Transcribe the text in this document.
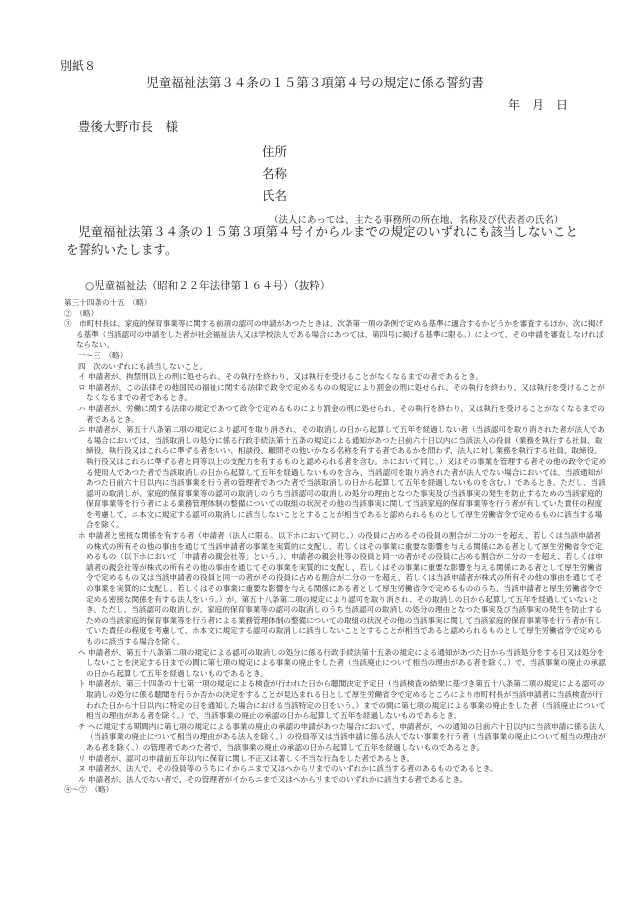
別紙８
児童福祉法第３４条の１５第３項第４号の規定に係る誓約書
年　月　日
豊後大野市長　様
住所
名称
氏名
（法人にあっては、主たる事務所の所在地、名称及び代表者の氏名）
児童福祉法第３４条の１５第３項第４号イからルまでの規定のいずれにも該当しないことを誓約いたします。
○児童福祉法（昭和２２年法律第１６４号）（抜粋）

第三十四条の十五　（略）

②　（略）

③　市町村長は、家庭的保育事業等に関する前項の認可の申請があつたときは、次条第一項の条例で定める基準に適合するかどうかを審査するほか、次に掲げる基準（当該認可の申請をした者が社会福祉法人又は学校法人である場合にあつては、第四号に掲げる基準に限る。）によつて、その申請を審査しなければならない。

一～三　（略）

四　次のいずれにも該当しないこと。

イ 申請者が、拘禁刑以上の刑に処せられ、その執行を終わり、又は執行を受けることがなくなるまでの者であるとき。

ロ 申請者が、この法律その他国民の福祉に関する法律で政令で定めるものの規定により罰金の刑に処せられ、その執行を終わり、又は執行を受けることがなくなるまでの者であるとき。

ハ 申請者が、労働に関する法律の規定であつて政令で定めるものにより罰金の刑に処せられ、その執行を終わり、又は執行を受けることがなくなるまでの者であるとき。

ニ 申請者が、第五十八条第二項の規定により認可を取り消され、その取消しの日から起算して五年を経過しない者（当該認可を取り消された者が法人である場合においては、当該取消しの処分に係る行政手続法第十五条の規定による通知があつた日前六十日以内に当該法人の役員（業務を執行する社員、取締役、執行役又はこれらに準ずる者をいい、相談役、顧問その他いかなる名称を有する者であるかを問わず、法人に対し業務を執行する社員、取締役、執行役又はこれらに準ずる者と同等以上の支配力を有するものと認められる者を含む。ホにおいて同じ。）又はその事業を管理する者その他の政令で定める使用人であつた者で当該取消しの日から起算して五年を経過しないものを含み、当該認可を取り消された者が法人でない場合においては、当該通知があつた日前六十日以内に当該事業を行う者の管理者であつた者で当該取消しの日から起算して五年を経過しないものを含む。）であるとき。ただし、当該認可の取消しが、家庭的保育事業等の認可の取消しのうち当該認可の取消しの処分の理由となつた事実及び当該事実の発生を防止するための当該家庭的保育事業等を行う者による業務管理体制の整備についての取組の状況その他の当該事実に関して当該家庭的保育事業等を行う者が有していた責任の程度を考慮して、ニ本文に規定する認可の取消しに該当しないこととすることが相当であると認められるものとして厚生労働省令で定めるものに該当する場合を除く。

ホ 申請者と密接な関係を有する者（申請者（法人に限る。以下ホにおいて同じ。）の役員に占めるその役員の割合が二分の一を超え、若しくは当該申請者の株式の所有その他の事由を通じて当該申請者の事業を実質的に支配し、若しくはその事業に重要な影響を与える関係にある者として厚生労働省令で定めるもの（以下ホにおいて「申請者の親会社等」という。）、申請者の親会社等の役員と同一の者がその役員に占める割合が二分の一を超え、若しくは申請者の親会社等が株式の所有その他の事由を通じてその事業を実質的に支配し、若しくはその事業に重要な影響を与える関係にある者として厚生労働省令で定めるもの又は当該申請者の役員と同一の者がその役員に占める割合が二分の一を超え、若しくは当該申請者が株式の所有その他の事由を通じてその事業を実質的に支配し、若しくはその事業に重要な影響を与える関係にある者として厚生労働省令で定めるもののうち、当該申請者と厚生労働省令で定める密接な関係を有する法人をいう。）が、第五十八条第二項の規定により認可を取り消され、その取消しの日から起算して五年を経過していないとき。ただし、当該認可の取消しが、家庭的保育事業等の認可の取消しのうち当該認可の取消しの処分の理由となつた事実及び当該事実の発生を防止するための当該家庭的保育事業等を行う者による業務管理体制の整備についての取組の状況その他の当該事実に関して当該家庭的保育事業等を行う者が有していた責任の程度を考慮して、ホ本文に規定する認可の取消しに該当しないこととすることが相当であると認められるものとして厚生労働省令で定めるものに該当する場合を除く。

ヘ 申請者が、第五十八条第二項の規定による認可の取消しの処分に係る行政手続法第十五条の規定による通知があつた日から当該処分をする日又は処分をしないことを決定する日までの間に第七項の規定による事業の廃止をした者（当該廃止について相当の理由がある者を除く。）で、当該事業の廃止の承認の日から起算して五年を経過しないものであるとき。

ト 申請者が、第三十四条の十七第一項の規定による検査が行われた日から聴聞決定予定日（当該検査の結果に基づき第五十八条第二項の規定による認可の取消しの処分に係る聴聞を行うか否かの決定をすることが見込まれる日として厚生労働省令で定めるところにより市町村長が当該申請者に当該検査が行われた日から十日以内に特定の日を通知した場合における当該特定の日をいう。）までの間に第七項の規定による事業の廃止をした者（当該廃止について相当の理由がある者を除く。）で、当該事業の廃止の承認の日から起算して五年を経過しないものであるとき。

チ ヘに規定する期間内に第七項の規定による事業の廃止の承認の申請があつた場合において、申請者が、ヘの通知の日前六十日以内に当該申請に係る法人（当該事業の廃止について相当の理由がある法人を除く。）の役員等又は当該申請に係る法人でない事業を行う者（当該事業の廃止について相当の理由がある者を除く。）の管理者であつた者で、当該事業の廃止の承認の日から起算して五年を経過しないものであるとき。

リ 申請者が、認可の申請前五年以内に保育に関し不正又は著しく不当な行為をした者であるとき。

ヌ 申請者が、法人で、その役員等のうちにイからニまで又はへからリまでのいずれかに該当する者のあるものであるとき。

ル 申請者が、法人でない者で、その管理者がイからニまで又はへからリまでのいずれかに該当する者であるとき。

④～⑦　（略）
